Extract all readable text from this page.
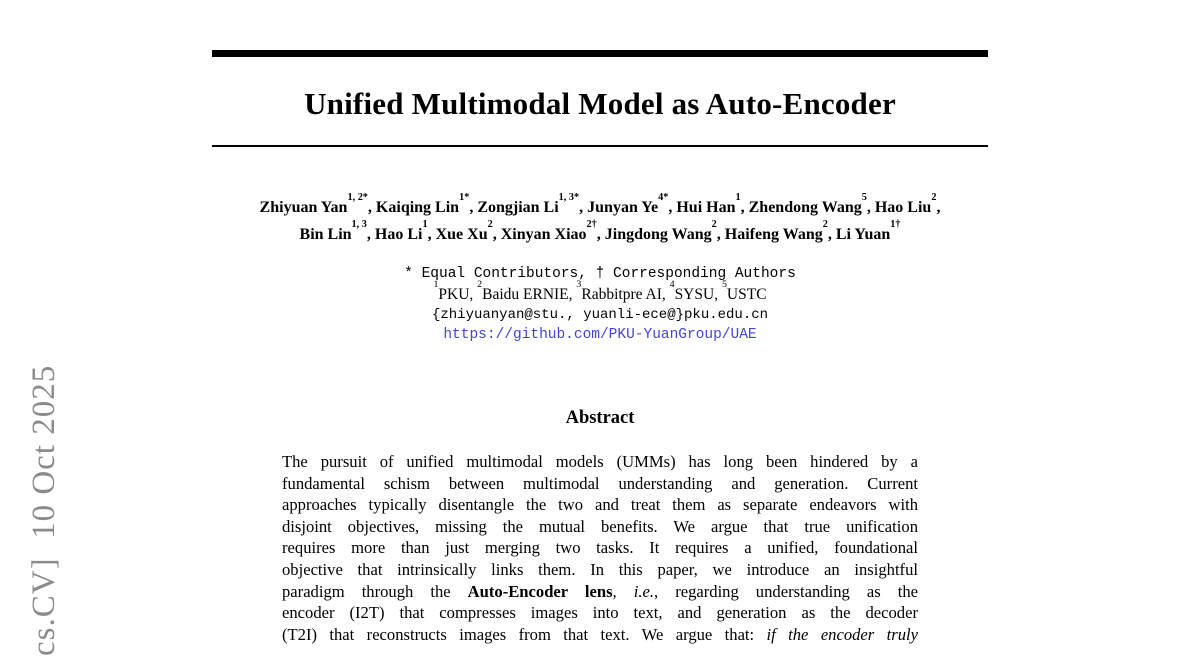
cs.CV]  10 Oct 2025
Unified Multimodal Model as Auto-Encoder
Zhiyuan Yan$^{1, 2*}$, Kaiqing Lin$^{1*}$, Zongjian $Li^{1, 3*}$, Junyan $Ye^{4*}$, Hui Han$^1$, Zhendong Wang$^5$, Hao Liu$^2$,
Bin Lin$^{1, 3}$, Hao Li$^1$, Xue Xu$^2$, Xinyan Xiao$^{2\dagger}$, Jingdong Wang$^2$, Haifeng Wang$^2$, Li Yuan$^{1\dagger}$
* Equal Contributors, † Corresponding Authors
$^1$PKU, $^2$Baidu ERNIE, $^3$Rabbitpre AI, $^4$SYSU, $^5$USTC
{zhiyuanyan@stu., yuanli-ece@}pku.edu.cn
https://github.com/PKU-YuanGroup/UAE
Abstract
The pursuit of unified multimodal models (UMMs) has long been hindered by a
fundamental schism between multimodal understanding and generation. Current
approaches typically disentangle the two and treat them as separate endeavors with
disjoint objectives, missing the mutual benefits. We argue that true unification
requires more than just merging two tasks. It requires a unified, foundational
objective that intrinsically links them. In this paper, we introduce an insightful
paradigm through the Auto-Encoder lens, i.e., regarding understanding as the
encoder (I2T) that compresses images into text, and generation as the decoder
(T2I) that reconstructs images from that text. We argue that: if the encoder truly
